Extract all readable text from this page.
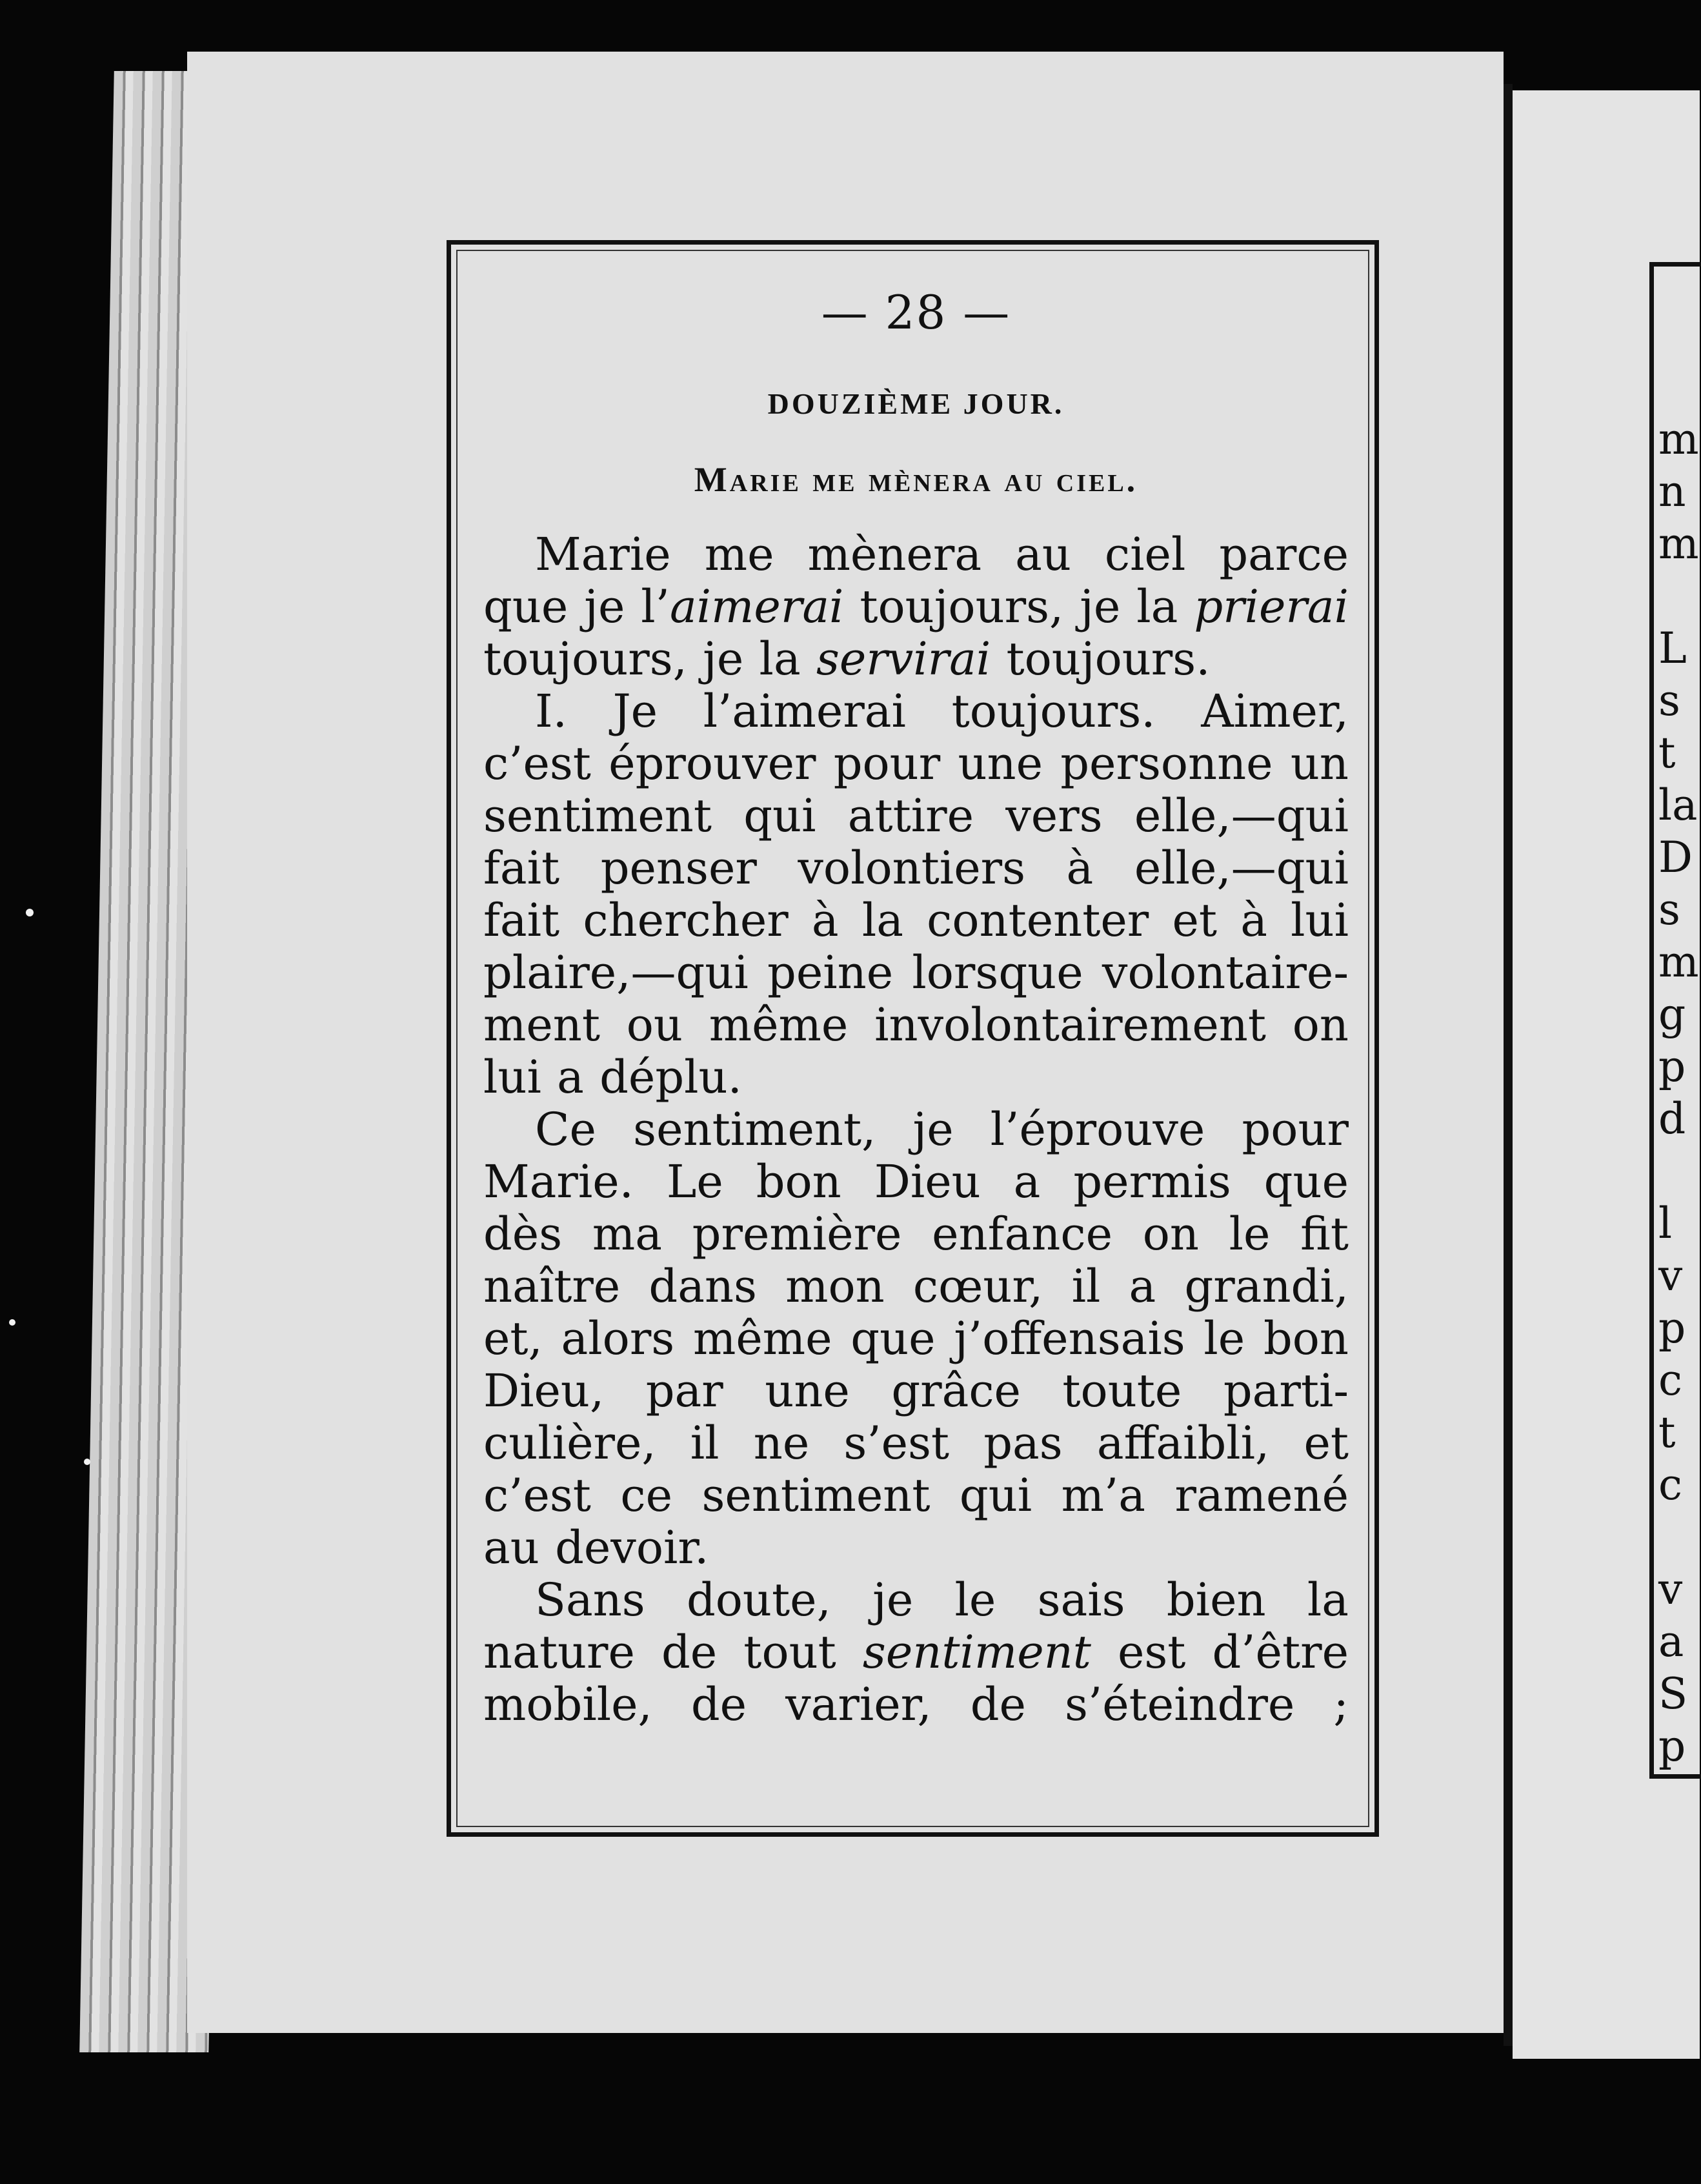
— 28 —
DOUZIÈME JOUR.
Marie me mènera au ciel.
Marie me mènera au ciel parce
que je l’aimerai toujours, je la prierai
toujours, je la servirai toujours.
I. Je l’aimerai toujours. Aimer,
c’est éprouver pour une personne un
sentiment qui attire vers elle,—qui
fait penser volontiers à elle,—qui
fait chercher à la contenter et à lui
plaire,—qui peine lorsque volontaire-
ment ou même involontairement on
lui a déplu.
Ce sentiment, je l’éprouve pour
Marie. Le bon Dieu a permis que
dès ma première enfance on le fit
naître dans mon cœur, il a grandi,
et, alors même que j’offensais le bon
Dieu, par une grâce toute parti-
culière, il ne s’est pas affaibli, et
c’est ce sentiment qui m’a ramené
au devoir.
Sans doute, je le sais bien la
nature de tout sentiment est d’être
mobile, de varier, de s’éteindre ;
m
n
m
L
s
t
la
D
s
m
g
p
d
l
v
p
c
t
c
v
a
S
p
